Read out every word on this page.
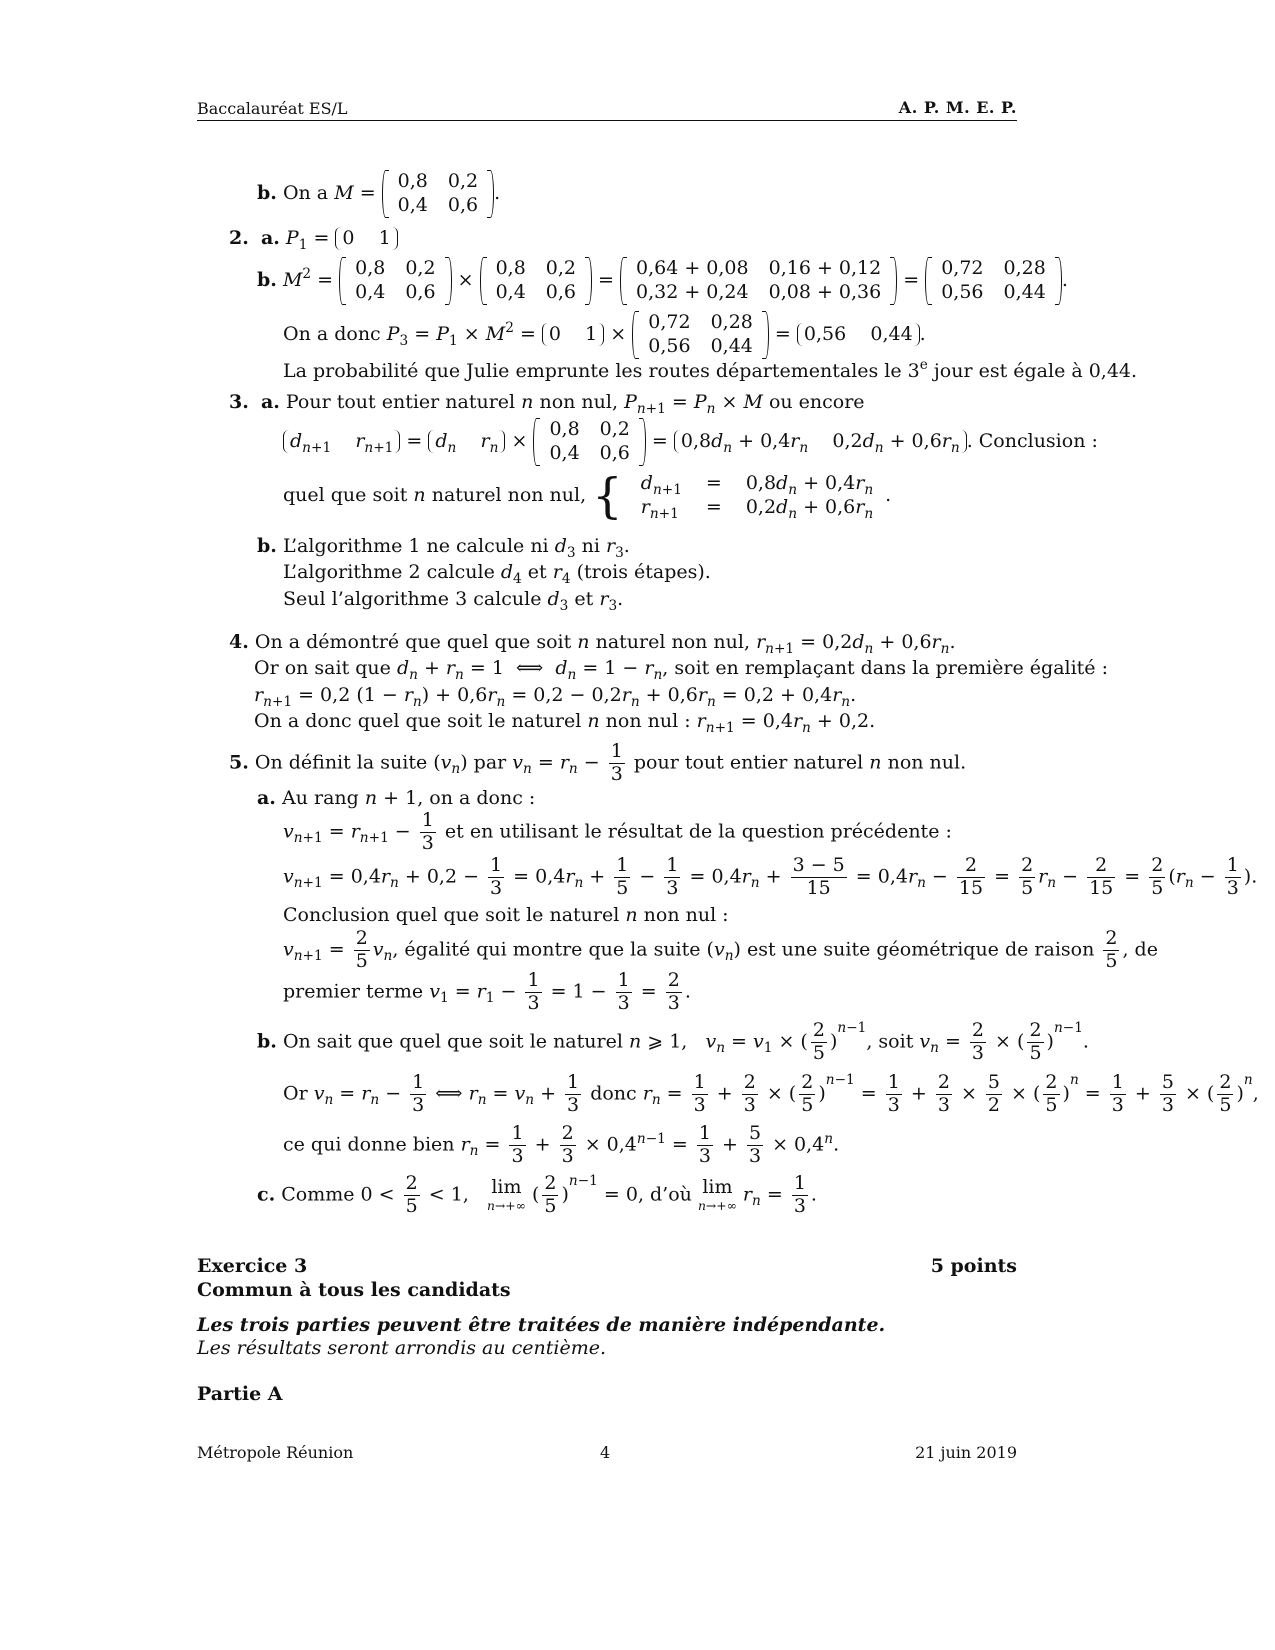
Baccalauréat ES/L	A. P. M. E. P.
b. On a M =
0,8	0,2
0,4	0,6
.
2. a. $P_1 = 0$    1
b. $M^2$ =
0,8	0,2
0,4	0,6
×
0,8	0,2
0,4	0,6
=
0,64 + 0,08	0,16 + 0,12
0,32 + 0,24	0,08 + 0,36
=
0,72	0,28
0,56	0,44
.
On a donc $P_3 = P_1 \times M^2 = 0$    1 ×
0,72	0,28
0,56	0,44
= 0,56    0,44 .
La probabilité que Julie emprunte les routes départementales le 3e jour est égale à 0,44.
3. a. Pour tout entier naturel n non nul, $P_{n+1} = P_n \times M$ ou encore
$d_{n+1}$ $r_{n+1} = d_n$ $r_n$ ×
0,8	0,2
0,4	0,6
= $0,8d_n + 0,4r_n$    $0,2d_n + 0,6r_n$ . Conclusion :
quel que soit n naturel non nul, { $d_{n+1}$	=	$0,8d_n + 0,4r_n$
$r_{n+1}$	=	$0,2d_n + 0,6r_n$.
b. L’algorithme 1 ne calcule ni $d_3$ ni $r_3$.
L’algorithme 2 calcule $d_4$ et $r_4$ (trois étapes).
Seul l’algorithme 3 calcule $d_3$ et $r_3$.
4. On a démontré que quel que soit n naturel non nul, $r_{n+1} = 0,2d_n + 0,6r_n$.
Or on sait que $d_n + r_n = 1$  ⟺  $d_n = 1 - r_n$, soit en remplaçant dans la première égalité :
$r_{n+1} = 0,2$ $(1 - r_n) + 0,6r_n = 0,2 - 0,2r_n + 0,6r_n = 0,2 + 0,4r_n$.
On a donc quel que soit le naturel n non nul : $r_{n+1} = 0,4r_n + 0,2$.
5. On définit la suite $(v_n)$ par $v_n = r_n - \frac{1}{3}$ pour tout entier naturel n non nul.
a. Au rang n + 1, on a donc :
$v_{n+1} = r_{n+1} - \frac{1}{3}$ et en utilisant le résultat de la question précédente :
$v_{n+1} = 0,4r_n + 0,2 - \frac{1}{3} = 0,4r_n + \frac{1}{5} - \frac{1}{3} = 0,4r_n + \frac{3 - 5}{15} = 0,4r_n - \frac{2}{15} = \frac{2}{5} r_n - \frac{2}{15} = \frac{2}{5} (r_n - \frac{1}{3}$ ).
Conclusion quel que soit le naturel n non nul :
$v_{n+1} = \frac{2}{5} v_n$, égalité qui montre que la suite $(v_n)$ est une suite géométrique de raison $\frac{2}{5}$ , de
premier terme $v_1 = r_1 - \frac{1}{3} = 1 - \frac{1}{3} = \frac{2}{3}$ .
b. On sait que quel que soit le naturel n ⩾ 1,   $v_n = v_1$ × ( $\frac{2}{5} )^{n-1}$, soit $v_n = \frac{2}{3}$ × ( $\frac{2}{5} )^{n-1}$.
Or $v_n = r_n - \frac{1}{3}$ ⟺ $r_n = v_n + \frac{1}{3}$ donc $r_n = \frac{1}{3} + \frac{2}{3}$ × ( $\frac{2}{5} )^{n-1} = \frac{1}{3} + \frac{2}{3} \times \frac{5}{2}$ × ( $\frac{2}{5} )^n = \frac{1}{3} + \frac{5}{3}$ × ( $\frac{2}{5} )^n$,
ce qui donne bien $r_n = \frac{1}{3} + \frac{2}{3} \times 0,4^{n-1} = \frac{1}{3} + \frac{5}{3} \times 0,4^n$.
c. Comme $0 < \frac{2}{5} < 1$,   lim
n→+∞
( $\frac{2}{5} )^{n-1} = 0$, d’où lim
n→+∞
$r_n = \frac{1}{3}$ .
Exercice 3	5 points
Commun à tous les candidats
Les trois parties peuvent être traitées de manière indépendante.
Les résultats seront arrondis au centième.
Partie A
Métropole Réunion	4	21 juin 2019
